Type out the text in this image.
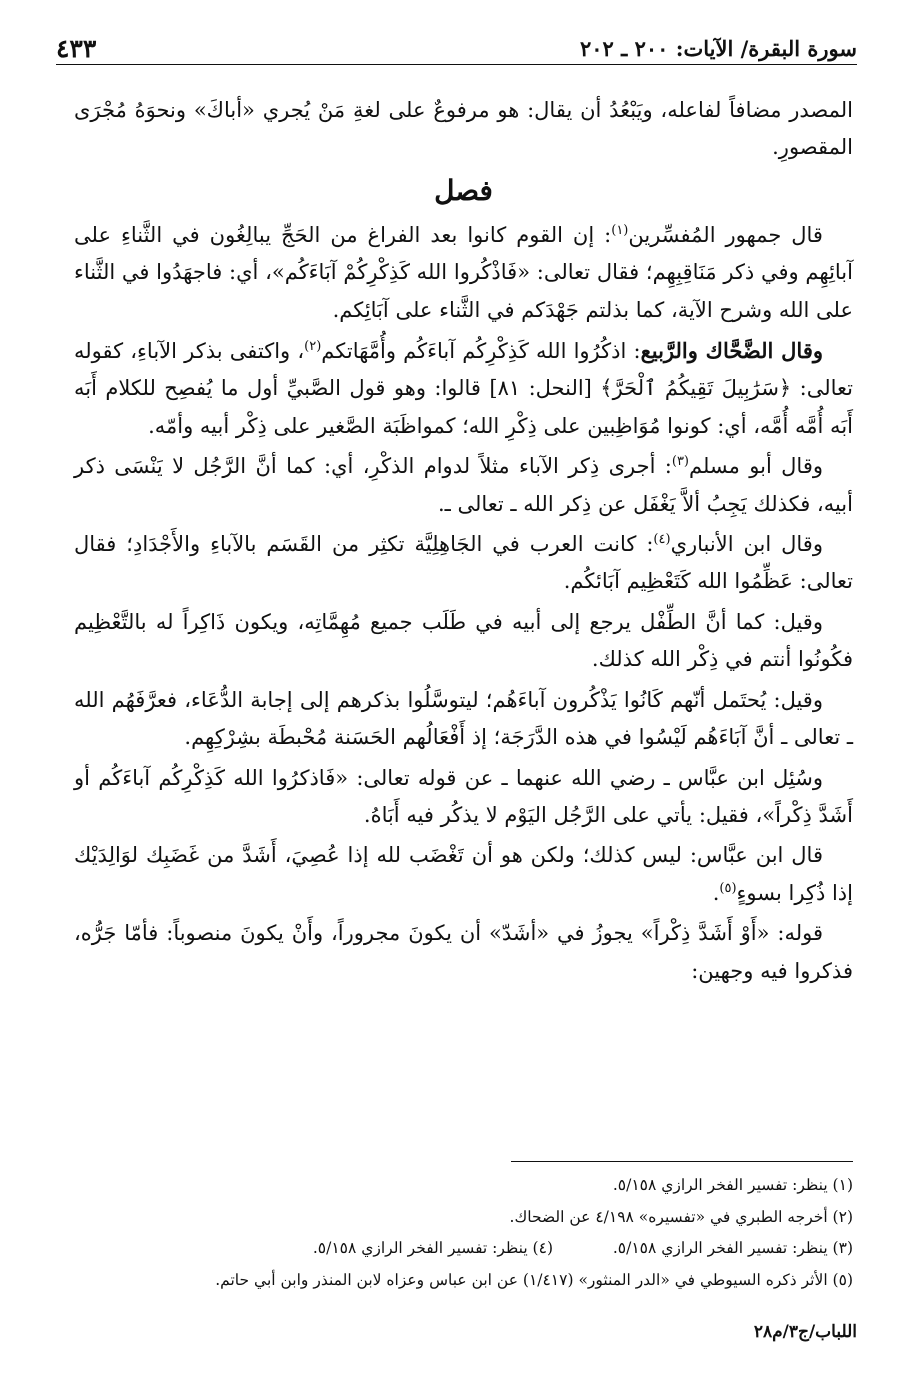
سورة البقرة/ الآيات: ٢٠٠ ـ ٢٠٢
٤٣٣

المصدر مضافاً لفاعله، ويَبْعُدُ أن يقال: هو مرفوعٌ على لغةِ مَنْ يُجري «أباكَ» ونحوَهُ مُجْرَى المقصورِ.

فصل

قال جمهور المُفسِّرين$^{(١)}$: إن القوم كانوا بعد الفراغ من الحَجِّ يبالِغُون في الثَّناءِ على آبائِهِم وفي ذكر مَنَاقِبِهِم؛ فقال تعالى: «فَاذْكُروا الله كَذِكْرِكُمْ آبَاءَكُم»، أي: فاجهَدُوا في الثَّناء على الله وشرح الآية، كما بذلتم جَهْدَكم في الثَّناء على آبَائِكم.

وقال الضَّحَّاك والرَّبيع: اذكُرُوا الله كَذِكْرِكُم آباءَكُم وأُمَّهَاتكم$^{(٢)}$، واكتفى بذكر الآباءِ، كقوله تعالى: ﴿سَرَٰبِيلَ تَقِيكُمُ ٱلْحَرَّ﴾ [النحل: ٨١] قالوا: وهو قول الصَّبيِّ أول ما يُفصِح للكلام أَبَه أَبَه أُمَّه أُمَّه، أي: كونوا مُوَاظِبين على ذِكْرِ الله؛ كمواظَبَة الصَّغير على ذِكْر أبيه وأمّه.

وقال أبو مسلم$^{(٣)}$: أجرى ذِكر الآباء مثلاً لدوام الذكْرِ، أي: كما أنَّ الرَّجُل لا يَنْسَى ذكر أبيه، فكذلك يَجِبُ ألاَّ يَغْفَل عن ذِكر الله ـ تعالى ـ.

وقال ابن الأنباري$^{(٤)}$: كانت العرب في الجَاهِلِيَّة تكثِر من القَسَم بالآباءِ والأَجْدَادِ؛ فقال تعالى: عَظِّمُوا الله كَتَعْظِيم آبَائكُم.

وقيل: كما أنَّ الطِّفْل يرجع إلى أبيه في طَلَب جميع مُهِمَّاتِه، ويكون ذَاكِراً له بالتَّعْظِيم فكُونُوا أنتم في ذِكْر الله كذلك.

وقيل: يُحتَمل أنّهم كَانُوا يَذْكُرون آباءَهُم؛ ليتوسَّلُوا بذكرهم إلى إجابة الدُّعَاء، فعرَّفَهُم الله ـ تعالى ـ أنَّ آبَاءَهُم لَيْسُوا في هذه الدَّرَجَة؛ إذ أَفْعَالُهم الحَسَنة مُحْبطَة بشِرْكِهِم.

وسُئِل ابن عبَّاس ـ رضي الله عنهما ـ عن قوله تعالى: «فَاذكرُوا الله كَذِكْرِكُم آباءَكُم أو أَشَدَّ ذِكْراً»، فقيل: يأتي على الرَّجُل اليَوْم لا يذكُر فيه أَبَاهُ.

قال ابن عبَّاس: ليس كذلك؛ ولكن هو أن تَغْضَب لله إذا عُصِيَ، أَشَدَّ من غَضَبِك لوَالِدَيْك إذا ذُكِرا بسوءٍ$^{(٥)}$.

قوله: «أَوْ أَشَدَّ ذِكْراً» يجوزُ في «أشَدّ» أن يكونَ مجروراً، وأَنْ يكونَ منصوباً: فأمّا جَرُّه، فذكروا فيه وجهين:

(١) ينظر: تفسير الفخر الرازي ٥/١٥٨.
(٢) أخرجه الطبري في «تفسيره» ٤/١٩٨ عن الضحاك.
(٣) ينظر: تفسير الفخر الرازي ٥/١٥٨.
(٤) ينظر: تفسير الفخر الرازي ٥/١٥٨.
(٥) الأثر ذكره السيوطي في «الدر المنثور» (١/٤١٧) عن ابن عباس وعزاه لابن المنذر وابن أبي حاتم.
اللباب/ج٣/م٢٨
